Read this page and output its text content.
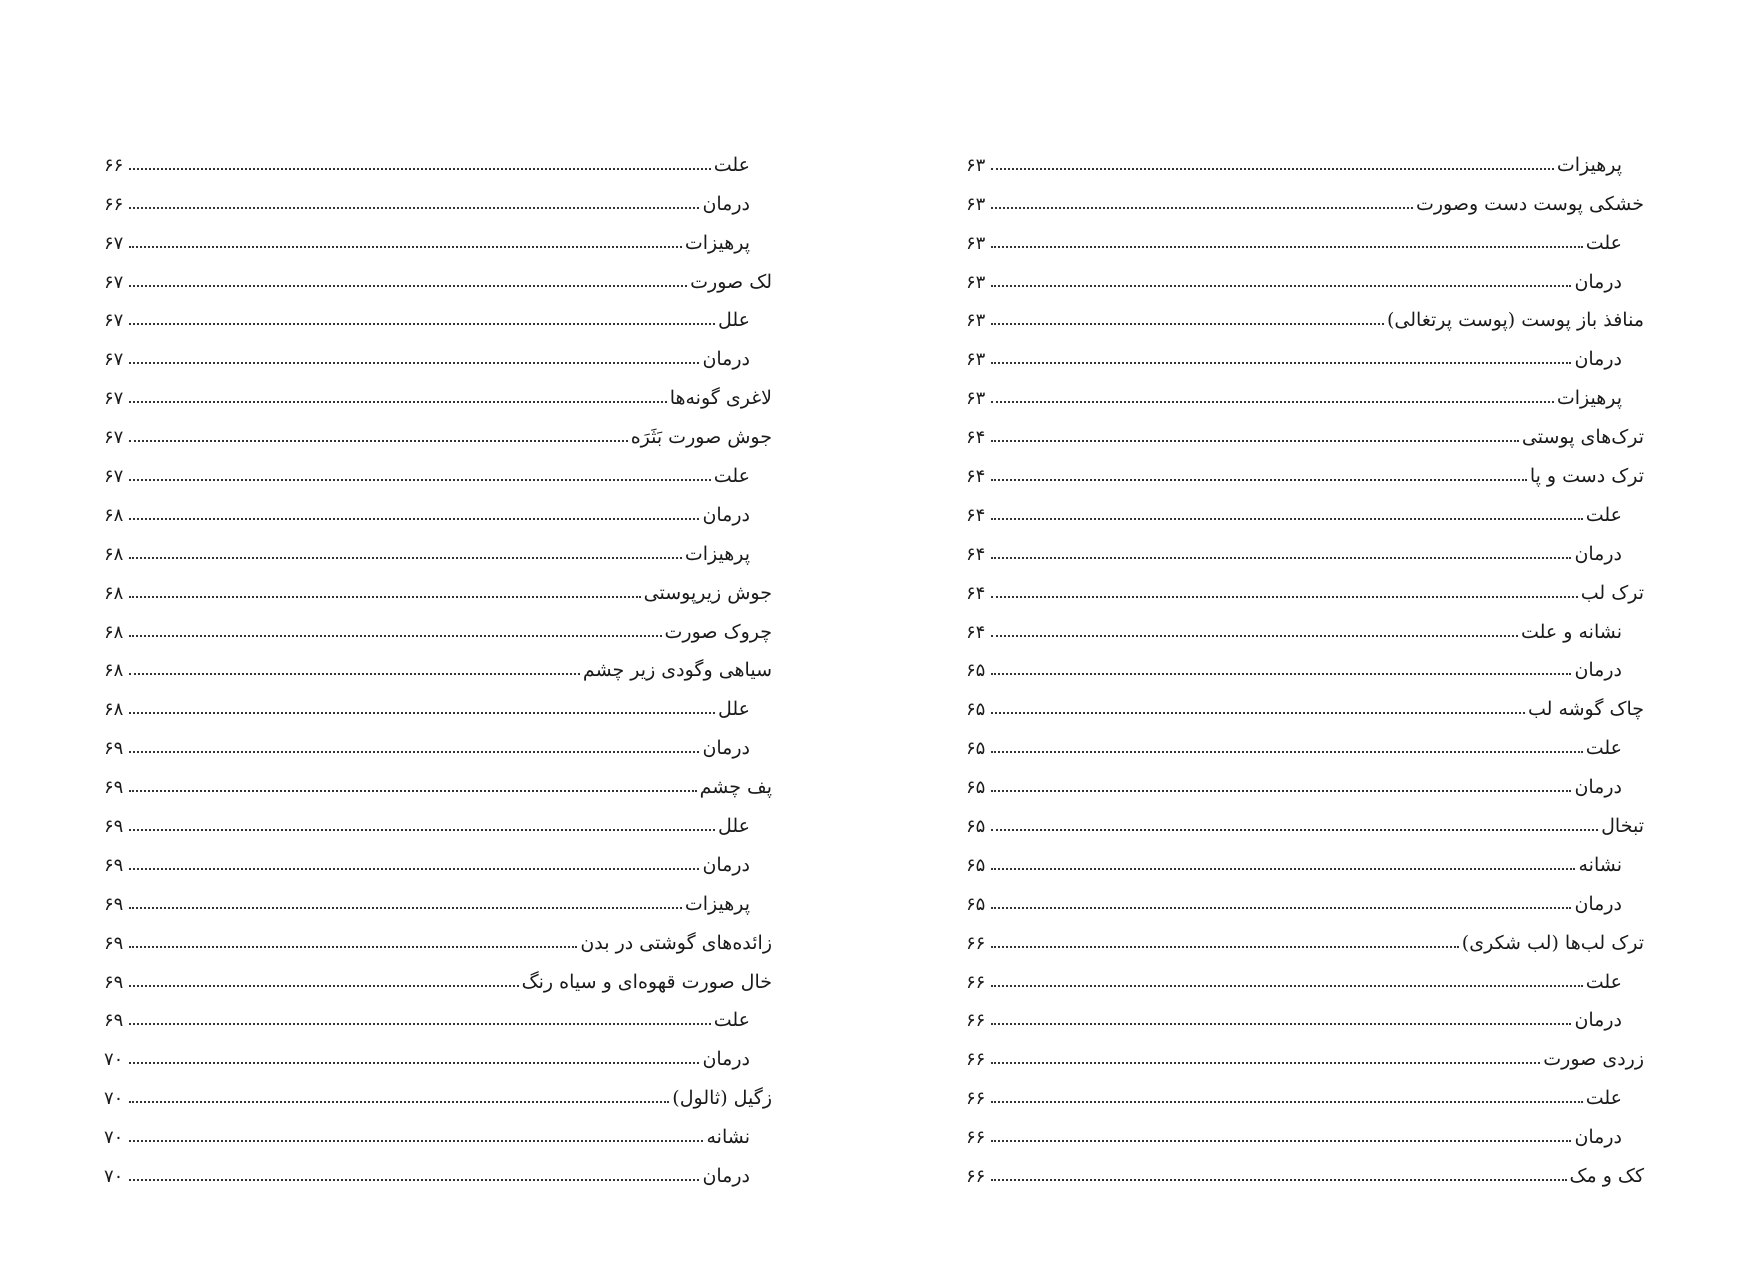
پرهیزات
۶۳
خشکی پوست دست وصورت
۶۳
علت
۶۳
درمان
۶۳
منافذ باز پوست (پوست پرتغالی)
۶۳
درمان
۶۳
پرهیزات
۶۳
ترک‌های پوستی
۶۴
ترک دست و پا
۶۴
علت
۶۴
درمان
۶۴
ترک لب
۶۴
نشانه و علت
۶۴
درمان
۶۵
چاک گوشه لب
۶۵
علت
۶۵
درمان
۶۵
تبخال
۶۵
نشانه
۶۵
درمان
۶۵
ترک لب‌ها (لب شکری)
۶۶
علت
۶۶
درمان
۶۶
زردی صورت
۶۶
علت
۶۶
درمان
۶۶
کک و مک
۶۶
علت
۶۶
درمان
۶۶
پرهیزات
۶۷
لک صورت
۶۷
علل
۶۷
درمان
۶۷
لاغری گونه‌ها
۶۷
جوش صورت بَثَرَه
۶۷
علت
۶۷
درمان
۶۸
پرهیزات
۶۸
جوش زیرپوستی
۶۸
چروک صورت
۶۸
سیاهی وگودی زیر چشم
۶۸
علل
۶۸
درمان
۶۹
پف چشم
۶۹
علل
۶۹
درمان
۶۹
پرهیزات
۶۹
زائده‌های گوشتی در بدن
۶۹
خال صورت قهوه‌ای و سیاه رنگ
۶۹
علت
۶۹
درمان
۷۰
زگیل (ثالول)
۷۰
نشانه
۷۰
درمان
۷۰
